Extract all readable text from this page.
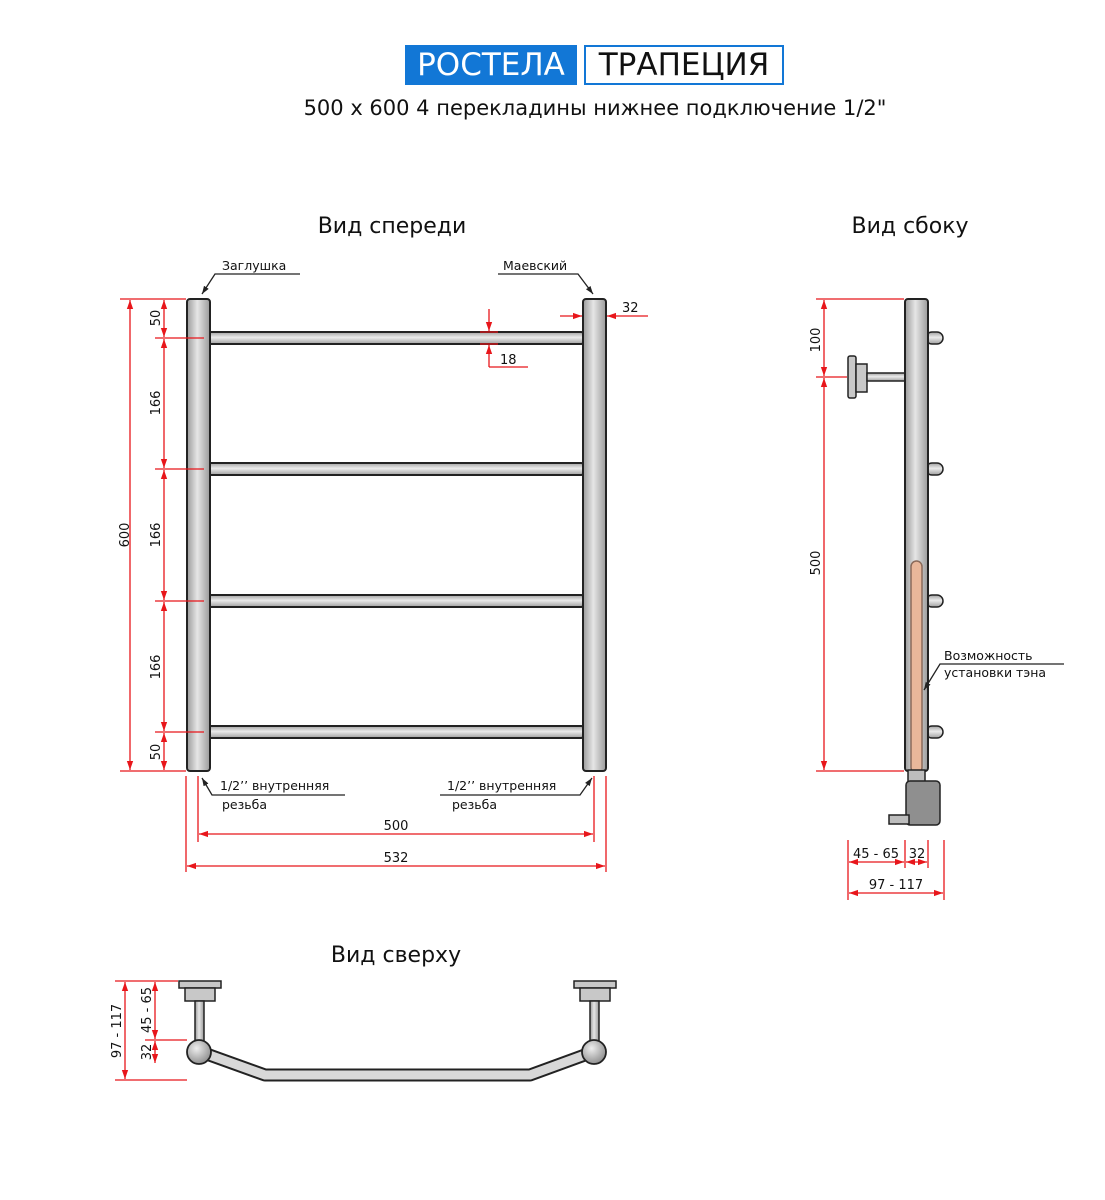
РОСТЕЛА	ТРАПЕЦИЯ
500 x 600 4 перекладины нижнее подключение 1/2"
Вид спереди	Вид сбоку
Вид сверху
Заглушка	Маевский
1/2’’ внутренняя
резьба
1/2’’ внутренняя
резьба
600
50
166
166
166
50
18
32
500
532
Возможность
установки тэна
100
500
45 - 65 32
97 - 117
97 - 117 45 - 65
32
